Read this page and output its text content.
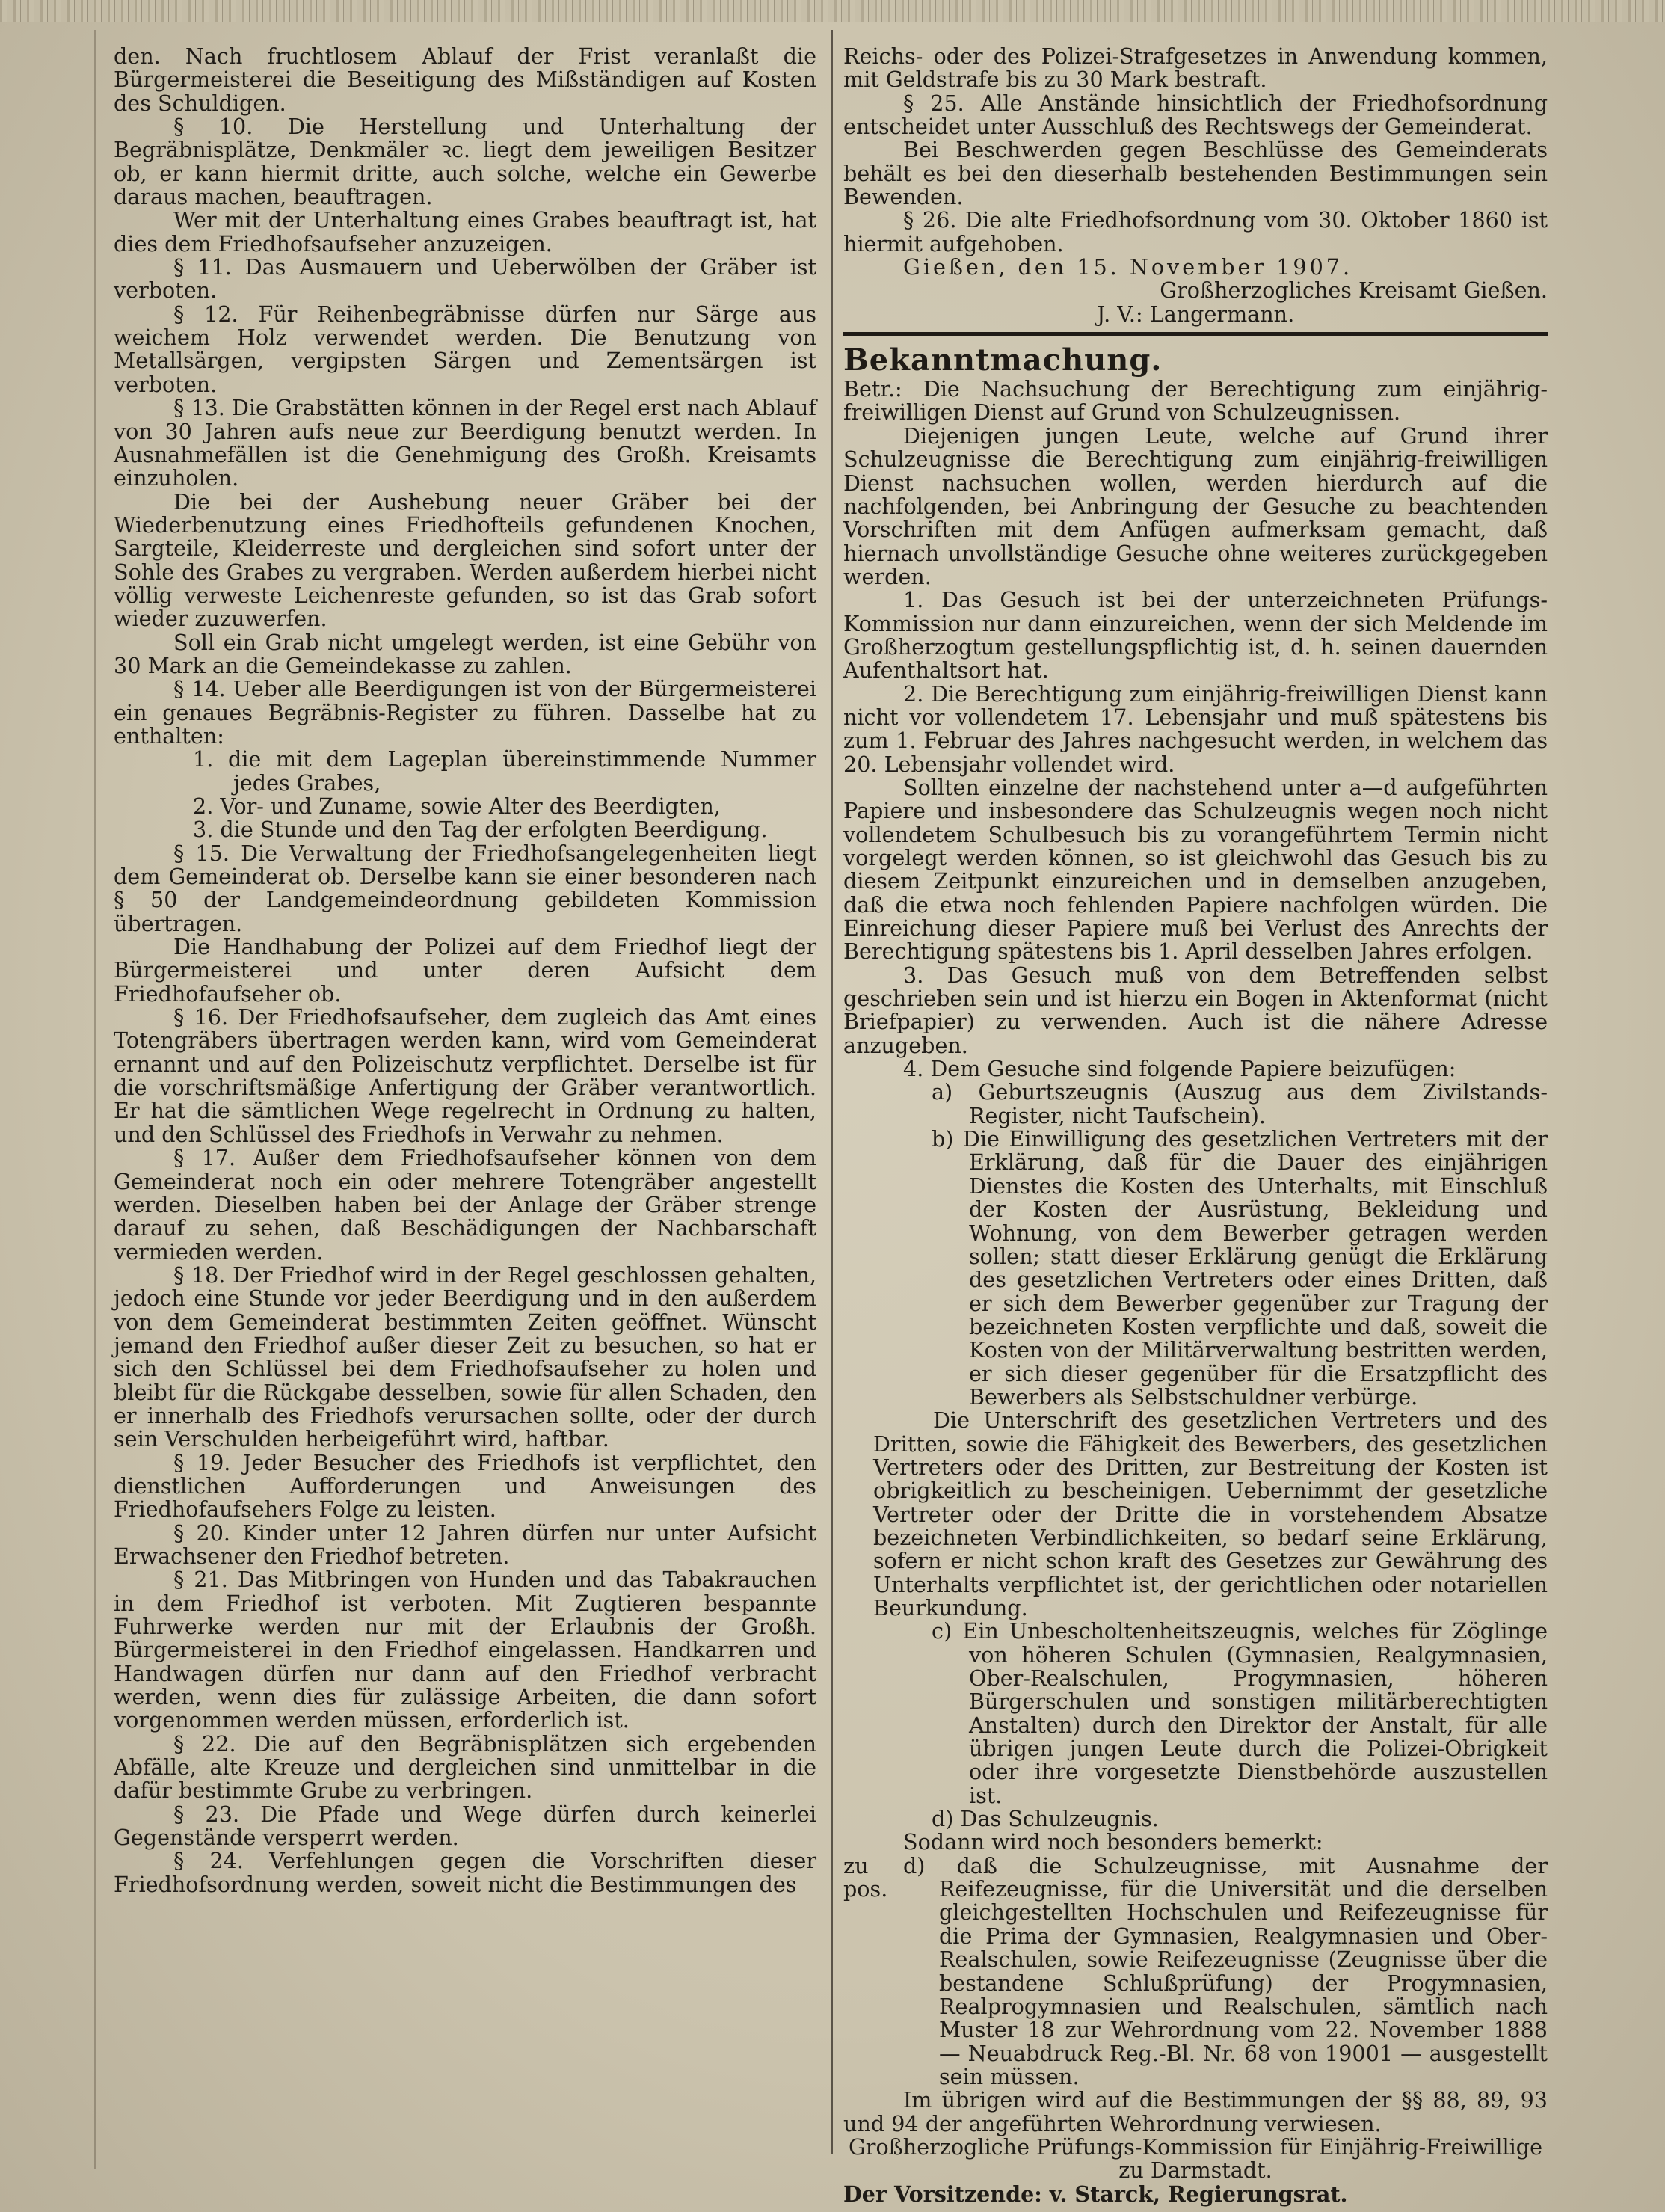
den. Nach fruchtlosem Ablauf der Frist veranlaßt die Bürgermeisterei die Beseitigung des Mißständigen auf Kosten des Schuldigen.

§ 10. Die Herstellung und Unterhaltung der Begräbnisplätze, Denkmäler ꝛc. liegt dem jeweiligen Besitzer ob, er kann hiermit dritte, auch solche, welche ein Gewerbe daraus machen, beauftragen.

Wer mit der Unterhaltung eines Grabes beauftragt ist, hat dies dem Friedhofsaufseher anzuzeigen.

§ 11. Das Ausmauern und Ueberwölben der Gräber ist verboten.

§ 12. Für Reihenbegräbnisse dürfen nur Särge aus weichem Holz verwendet werden. Die Benutzung von Metallsärgen, vergipsten Särgen und Zementsärgen ist verboten.

§ 13. Die Grabstätten können in der Regel erst nach Ablauf von 30 Jahren aufs neue zur Beerdigung benutzt werden. In Ausnahmefällen ist die Genehmigung des Großh. Kreisamts einzuholen.

Die bei der Aushebung neuer Gräber bei der Wiederbenutzung eines Friedhofteils gefundenen Knochen, Sargteile, Kleiderreste und dergleichen sind sofort unter der Sohle des Grabes zu vergraben. Werden außerdem hierbei nicht völlig verweste Leichenreste gefunden, so ist das Grab sofort wieder zuzuwerfen.

Soll ein Grab nicht umgelegt werden, ist eine Gebühr von 30 Mark an die Gemeindekasse zu zahlen.

§ 14. Ueber alle Beerdigungen ist von der Bürgermeisterei ein genaues Begräbnis-Register zu führen. Dasselbe hat zu enthalten:

1. die mit dem Lageplan übereinstimmende Nummer jedes Grabes,

2. Vor- und Zuname, sowie Alter des Beerdigten,

3. die Stunde und den Tag der erfolgten Beerdigung.

§ 15. Die Verwaltung der Friedhofsangelegenheiten liegt dem Gemeinderat ob. Derselbe kann sie einer besonderen nach § 50 der Landgemeindeordnung gebildeten Kommission übertragen.

Die Handhabung der Polizei auf dem Friedhof liegt der Bürgermeisterei und unter deren Aufsicht dem Friedhofaufseher ob.

§ 16. Der Friedhofsaufseher, dem zugleich das Amt eines Totengräbers übertragen werden kann, wird vom Gemeinderat ernannt und auf den Polizeischutz verpflichtet. Derselbe ist für die vorschriftsmäßige Anfertigung der Gräber verantwortlich. Er hat die sämtlichen Wege regelrecht in Ordnung zu halten, und den Schlüssel des Friedhofs in Verwahr zu nehmen.

§ 17. Außer dem Friedhofsaufseher können von dem Gemeinderat noch ein oder mehrere Totengräber angestellt werden. Dieselben haben bei der Anlage der Gräber strenge darauf zu sehen, daß Beschädigungen der Nachbarschaft vermieden werden.

§ 18. Der Friedhof wird in der Regel geschlossen gehalten, jedoch eine Stunde vor jeder Beerdigung und in den außerdem von dem Gemeinderat bestimmten Zeiten geöffnet. Wünscht jemand den Friedhof außer dieser Zeit zu besuchen, so hat er sich den Schlüssel bei dem Friedhofsaufseher zu holen und bleibt für die Rückgabe desselben, sowie für allen Schaden, den er innerhalb des Friedhofs verursachen sollte, oder der durch sein Verschulden herbeigeführt wird, haftbar.

§ 19. Jeder Besucher des Friedhofs ist verpflichtet, den dienstlichen Aufforderungen und Anweisungen des Friedhofaufsehers Folge zu leisten.

§ 20. Kinder unter 12 Jahren dürfen nur unter Aufsicht Erwachsener den Friedhof betreten.

§ 21. Das Mitbringen von Hunden und das Tabakrauchen in dem Friedhof ist verboten. Mit Zugtieren bespannte Fuhrwerke werden nur mit der Erlaubnis der Großh. Bürgermeisterei in den Friedhof eingelassen. Handkarren und Handwagen dürfen nur dann auf den Friedhof verbracht werden, wenn dies für zulässige Arbeiten, die dann sofort vorgenommen werden müssen, erforderlich ist.

§ 22. Die auf den Begräbnisplätzen sich ergebenden Abfälle, alte Kreuze und dergleichen sind unmittelbar in die dafür bestimmte Grube zu verbringen.

§ 23. Die Pfade und Wege dürfen durch keinerlei Gegenstände versperrt werden.

§ 24. Verfehlungen gegen die Vorschriften dieser Friedhofsordnung werden, soweit nicht die Bestimmungen des

Reichs- oder des Polizei-Strafgesetzes in Anwendung kommen, mit Geldstrafe bis zu 30 Mark bestraft.

§ 25. Alle Anstände hinsichtlich der Friedhofsordnung entscheidet unter Ausschluß des Rechtswegs der Gemeinderat.

Bei Beschwerden gegen Beschlüsse des Gemeinderats behält es bei den dieserhalb bestehenden Bestimmungen sein Bewenden.

§ 26. Die alte Friedhofsordnung vom 30. Oktober 1860 ist hiermit aufgehoben.

Gießen, den 15. November 1907.

Großherzogliches Kreisamt Gießen.

J. V.: Langermann.

Bekanntmachung.

Betr.: Die Nachsuchung der Berechtigung zum einjährig-freiwilligen Dienst auf Grund von Schulzeugnissen.

Diejenigen jungen Leute, welche auf Grund ihrer Schulzeugnisse die Berechtigung zum einjährig-freiwilligen Dienst nachsuchen wollen, werden hierdurch auf die nachfolgenden, bei Anbringung der Gesuche zu beachtenden Vorschriften mit dem Anfügen aufmerksam gemacht, daß hiernach unvollständige Gesuche ohne weiteres zurückgegeben werden.

1. Das Gesuch ist bei der unterzeichneten Prüfungs-Kommission nur dann einzureichen, wenn der sich Meldende im Großherzogtum gestellungspflichtig ist, d. h. seinen dauernden Aufenthaltsort hat.

2. Die Berechtigung zum einjährig-freiwilligen Dienst kann nicht vor vollendetem 17. Lebensjahr und muß spätestens bis zum 1. Februar des Jahres nachgesucht werden, in welchem das 20. Lebensjahr vollendet wird.

Sollten einzelne der nachstehend unter a—d aufgeführten Papiere und insbesondere das Schulzeugnis wegen noch nicht vollendetem Schulbesuch bis zu vorangeführtem Termin nicht vorgelegt werden können, so ist gleichwohl das Gesuch bis zu diesem Zeitpunkt einzureichen und in demselben anzugeben, daß die etwa noch fehlenden Papiere nachfolgen würden. Die Einreichung dieser Papiere muß bei Verlust des Anrechts der Berechtigung spätestens bis 1. April desselben Jahres erfolgen.

3. Das Gesuch muß von dem Betreffenden selbst geschrieben sein und ist hierzu ein Bogen in Aktenformat (nicht Briefpapier) zu verwenden. Auch ist die nähere Adresse anzugeben.

4. Dem Gesuche sind folgende Papiere beizufügen:

a) Geburtszeugnis (Auszug aus dem Zivilstands-Register, nicht Taufschein).

b) Die Einwilligung des gesetzlichen Vertreters mit der Erklärung, daß für die Dauer des einjährigen Dienstes die Kosten des Unterhalts, mit Einschluß der Kosten der Ausrüstung, Bekleidung und Wohnung, von dem Bewerber getragen werden sollen; statt dieser Erklärung genügt die Erklärung des gesetzlichen Vertreters oder eines Dritten, daß er sich dem Bewerber gegenüber zur Tragung der bezeichneten Kosten verpflichte und daß, soweit die Kosten von der Militärverwaltung bestritten werden, er sich dieser gegenüber für die Ersatzpflicht des Bewerbers als Selbstschuldner verbürge.

Die Unterschrift des gesetzlichen Vertreters und des Dritten, sowie die Fähigkeit des Bewerbers, des gesetzlichen Vertreters oder des Dritten, zur Bestreitung der Kosten ist obrigkeitlich zu bescheinigen. Uebernimmt der gesetzliche Vertreter oder der Dritte die in vorstehendem Absatze bezeichneten Verbindlichkeiten, so bedarf seine Erklärung, sofern er nicht schon kraft des Gesetzes zur Gewährung des Unterhalts verpflichtet ist, der gerichtlichen oder notariellen Beurkundung.

c) Ein Unbescholtenheitszeugnis, welches für Zöglinge von höheren Schulen (Gymnasien, Realgymnasien, Ober-Realschulen, Progymnasien, höheren Bürgerschulen und sonstigen militärberechtigten Anstalten) durch den Direktor der Anstalt, für alle übrigen jungen Leute durch die Polizei-Obrigkeit oder ihre vorgesetzte Dienstbehörde auszustellen ist.

d) Das Schulzeugnis.

Sodann wird noch besonders bemerkt:

zu pos.

d) daß die Schulzeugnisse, mit Ausnahme der Reifezeugnisse, für die Universität und die derselben gleichgestellten Hochschulen und Reifezeugnisse für die Prima der Gymnasien, Realgymnasien und Ober-Realschulen, sowie Reifezeugnisse (Zeugnisse über die bestandene Schlußprüfung) der Progymnasien, Realprogymnasien und Realschulen, sämtlich nach Muster 18 zur Wehrordnung vom 22. November 1888 — Neuabdruck Reg.-Bl. Nr. 68 von 19001 — ausgestellt sein müssen.

Im übrigen wird auf die Bestimmungen der §§ 88, 89, 93 und 94 der angeführten Wehrordnung verwiesen.

Großherzogliche Prüfungs-Kommission für Einjährig-Freiwillige zu Darmstadt.

Der Vorsitzende: v. Starck, Regierungsrat.
